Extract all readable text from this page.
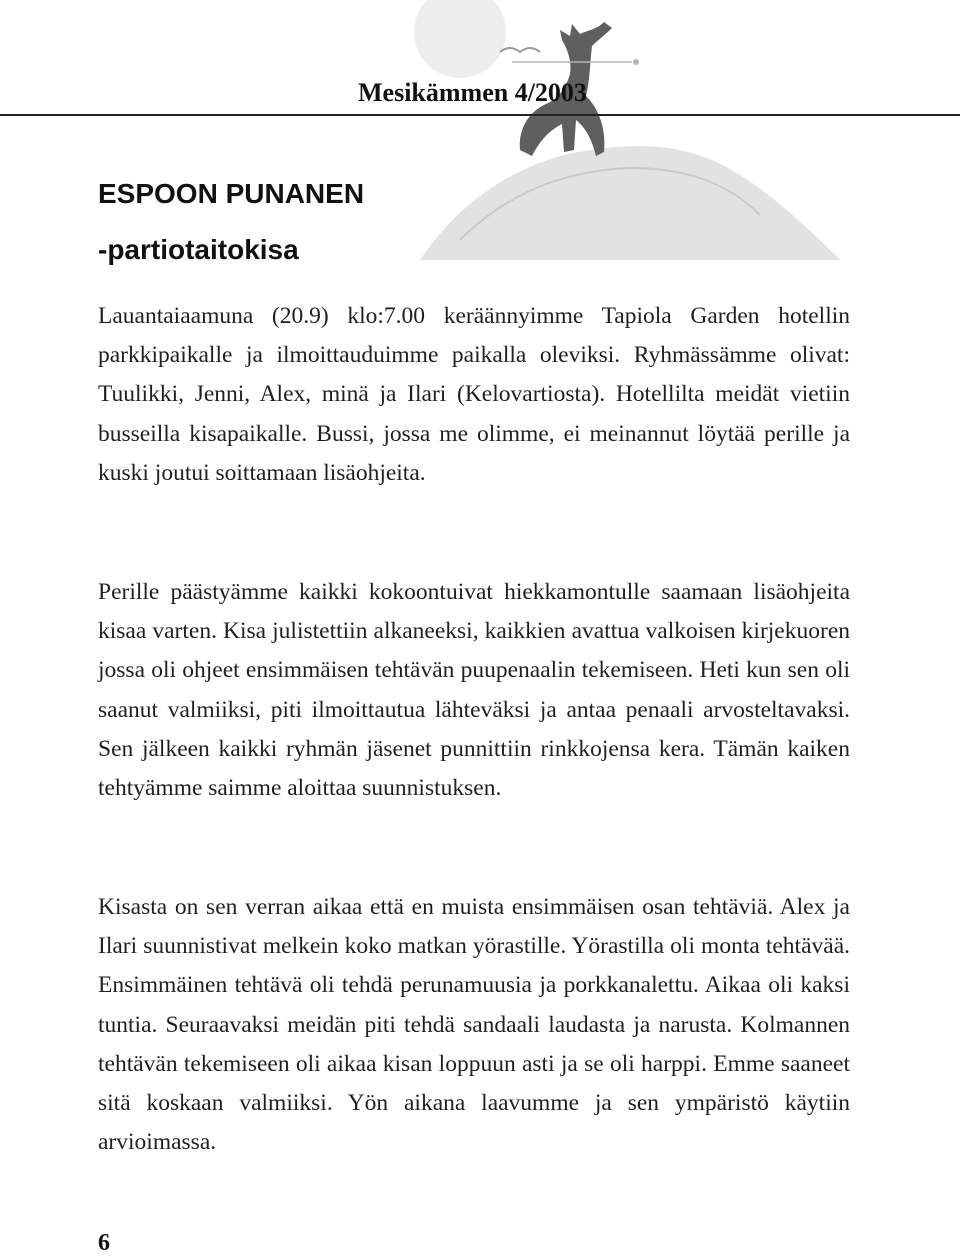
Mesikämmen 4/2003
ESPOON PUNANEN
-partiotaitokisa

Lauantaiaamuna (20.9) klo:7.00 keräännyimme Tapiola Garden hotellin parkkipaikalle ja ilmoittauduimme paikalla oleviksi. Ryhmässämme olivat: Tuulikki, Jenni, Alex, minä ja Ilari (Kelovartiosta). Hotellilta meidät vietiin busseilla kisapaikalle. Bussi, jossa me olimme, ei meinannut löytää perille ja kuski joutui soittamaan lisäohjeita.

Perille päästyämme kaikki kokoontuivat hiekkamontulle saamaan lisäohjeita kisaa varten. Kisa julistettiin alkaneeksi, kaikkien avattua valkoisen kirjekuoren jossa oli ohjeet ensimmäisen tehtävän puupenaalin tekemiseen. Heti kun sen oli saanut valmiiksi, piti ilmoittautua lähteväksi ja antaa penaali arvosteltavaksi. Sen jälkeen kaikki ryhmän jäsenet punnittiin rinkkojensa kera. Tämän kaiken tehtyämme saimme aloittaa suunnistuksen.

Kisasta on sen verran aikaa että en muista ensimmäisen osan tehtäviä. Alex ja Ilari suunnistivat melkein koko matkan yörastille. Yörastilla oli monta tehtävää. Ensimmäinen tehtävä oli tehdä perunamuusia ja porkkanalettu. Aikaa oli kaksi tuntia. Seuraavaksi meidän piti tehdä sandaali laudasta ja narusta. Kolmannen tehtävän tekemiseen oli aikaa kisan loppuun asti ja se oli harppi. Emme saaneet sitä koskaan valmiiksi. Yön aikana laavumme ja sen ympäristö käytiin arvioimassa.

6
